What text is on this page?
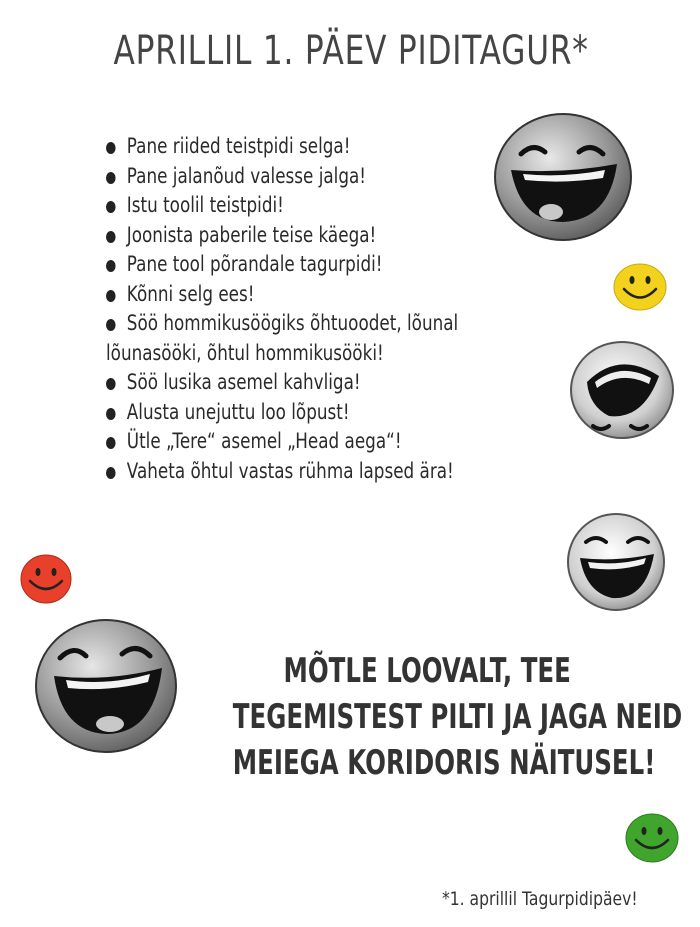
APRILLIL 1. PÄEV PIDITAGUR*
Pane riided teistpidi selga!
Pane jalanõud valesse jalga!
Istu toolil teistpidi!
Joonista paberile teise käega!
Pane tool põrandale tagurpidi!
Kõnni selg ees!
Söö hommikusöögiks õhtuoodet, lõunal
lõunasööki, õhtul hommikusööki!
Söö lusika asemel kahvliga!
Alusta unejuttu loo lõpust!
Ütle „Tere“ asemel „Head aega“!
Vaheta õhtul vastas rühma lapsed ära!
MÕTLE LOOVALT, TEE
TEGEMISTEST PILTI JA JAGA NEID
MEIEGA KORIDORIS NÄITUSEL!
*1. aprillil Tagurpidipäev!
